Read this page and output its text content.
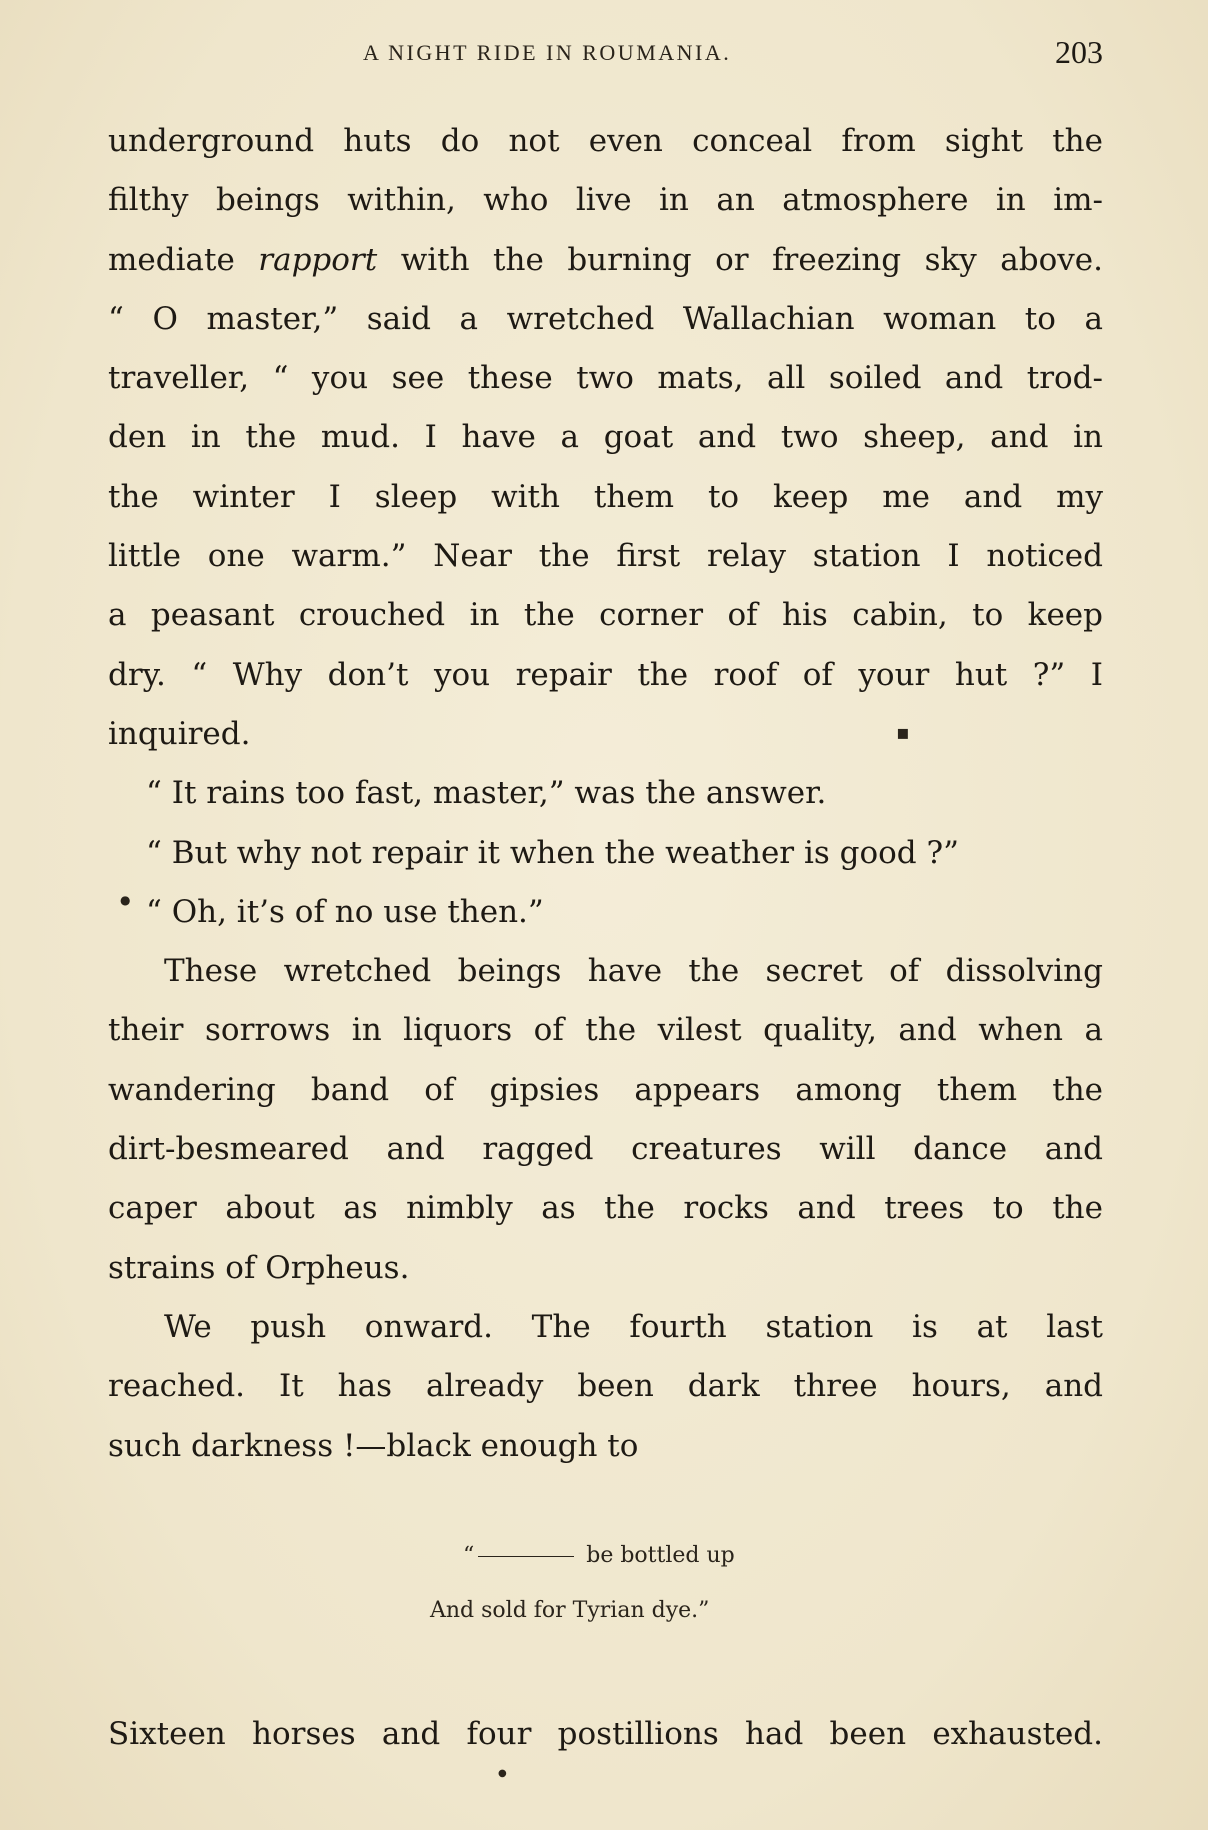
A NIGHT RIDE IN ROUMANIA.	203
underground huts do not even conceal from sight the
filthy beings within, who live in an atmosphere in im-
mediate rapport with the burning or freezing sky above.
“ O master,” said a wretched Wallachian woman to a
traveller, “ you see these two mats, all soiled and trod-
den in the mud. I have a goat and two sheep, and in
the winter I sleep with them to keep me and my
little one warm.” Near the first relay station I noticed
a peasant crouched in the corner of his cabin, to keep
dry. “ Why don’t you repair the roof of your hut ?” I
inquired.
“ It rains too fast, master,” was the answer.
“ But why not repair it when the weather is good ?”
“ Oh, it’s of no use then.”
These wretched beings have the secret of dissolving
their sorrows in liquors of the vilest quality, and when a
wandering band of gipsies appears among them the
dirt-besmeared and ragged creatures will dance and
caper about as nimbly as the rocks and trees to the
strains of Orpheus.
We push onward. The fourth station is at last
reached. It has already been dark three hours, and
such darkness !—black enough to
▪
●
“	be bottled up
And sold for Tyrian dye.”
Sixteen horses and four postillions had been exhausted.
●
